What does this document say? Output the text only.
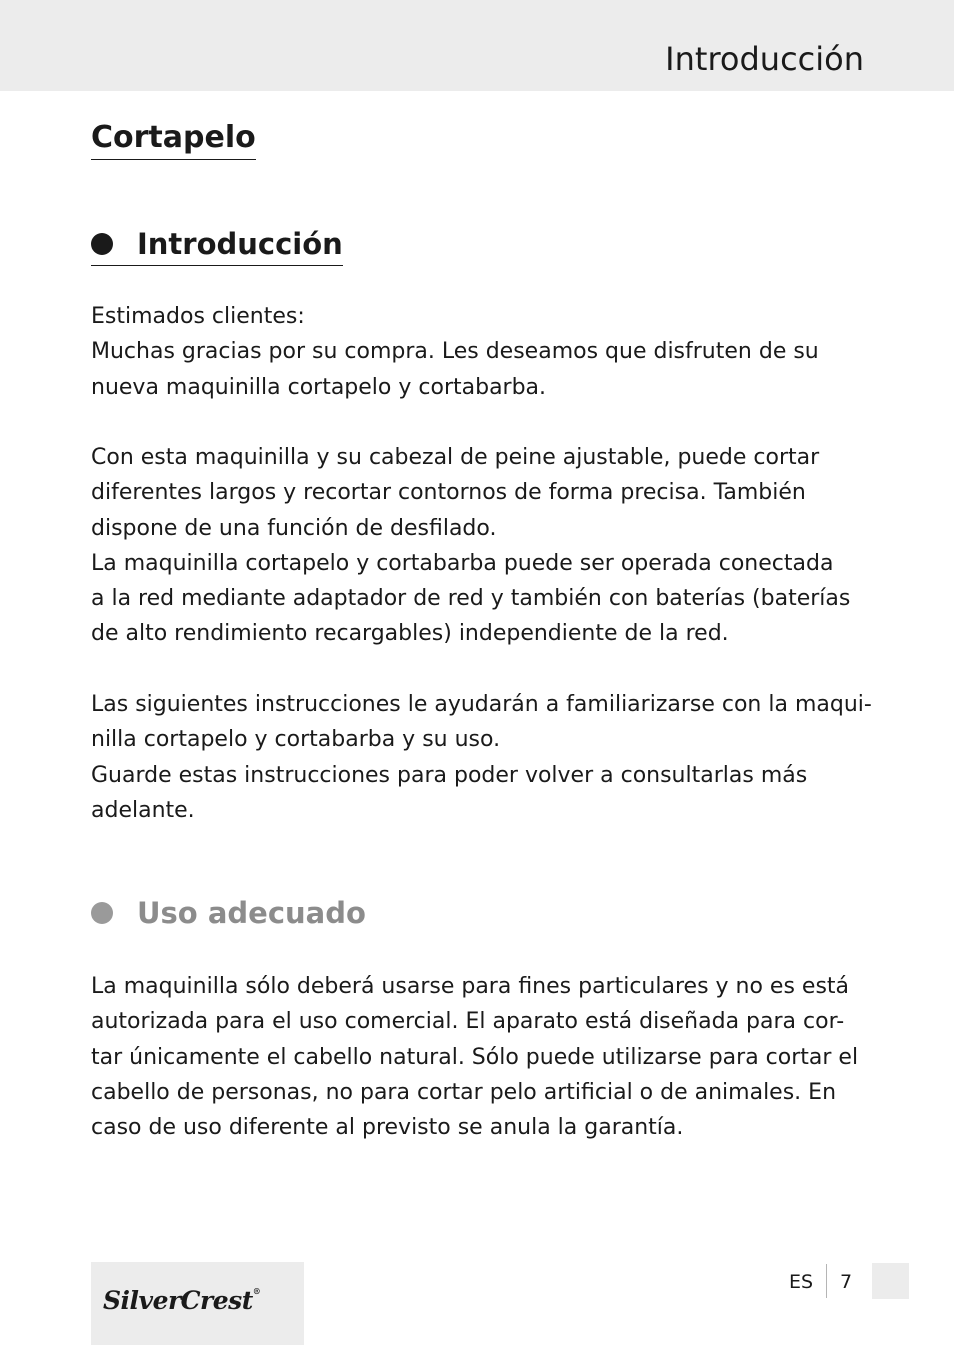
Introducción
Cortapelo
Introducción

Estimados clientes:
Muchas gracias por su compra. Les deseamos que disfruten de su
nueva maquinilla cortapelo y cortabarba.

Con esta maquinilla y su cabezal de peine ajustable, puede cortar
diferentes largos y recortar contornos de forma precisa. También
dispone de una función de desfilado.
La maquinilla cortapelo y cortabarba puede ser operada conectada
a la red mediante adaptador de red y también con baterías (baterías
de alto rendimiento recargables) independiente de la red.

Las siguientes instrucciones le ayudarán a familiarizarse con la maqui-
nilla cortapelo y cortabarba y su uso.
Guarde estas instrucciones para poder volver a consultarlas más
adelante.

Uso adecuado

La maquinilla sólo deberá usarse para fines particulares y no es está
autorizada para el uso comercial. El aparato está diseñada para cor-
tar únicamente el cabello natural. Sólo puede utilizarse para cortar el
cabello de personas, no para cortar pelo artificial o de animales. En
caso de uso diferente al previsto se anula la garantía.

SilverCrest®	ES 7
